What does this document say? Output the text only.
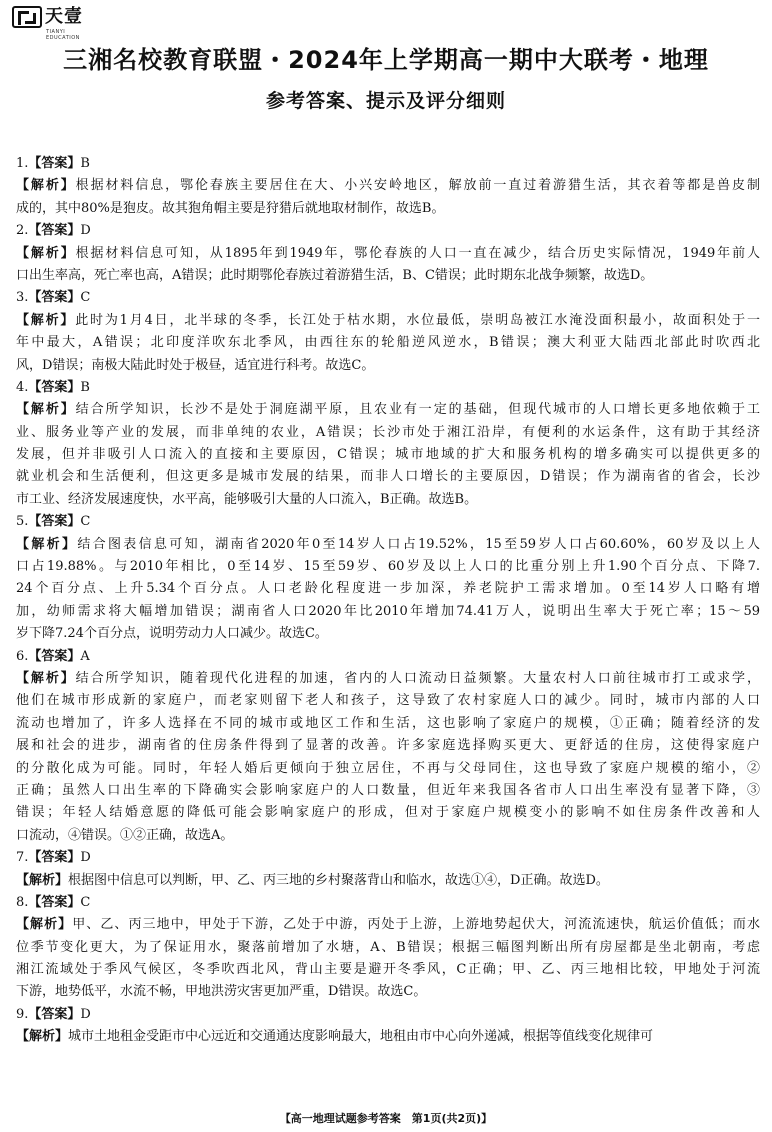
天壹
TIANYI EDUCATION
三湘名校教育联盟・2024年上学期高一期中大联考・地理
参考答案、提示及评分细则
1.【答案】B
【解析】根据材料信息，鄂伦春族主要居住在大、小兴安岭地区，解放前一直过着游猎生活，其衣着等都是兽皮制
成的，其中80%是狍皮。故其狍角帽主要是狩猎后就地取材制作，故选B。
2.【答案】D
【解析】根据材料信息可知，从1895年到1949年，鄂伦春族的人口一直在减少，结合历史实际情况，1949年前人
口出生率高，死亡率也高，A错误；此时期鄂伦春族过着游猎生活，B、C错误；此时期东北战争频繁，故选D。
3.【答案】C
【解析】此时为1月4日，北半球的冬季，长江处于枯水期，水位最低，崇明岛被江水淹没面积最小，故面积处于一
年中最大，A错误；北印度洋吹东北季风，由西往东的轮船逆风逆水，B错误；澳大利亚大陆西北部此时吹西北
风，D错误；南极大陆此时处于极昼，适宜进行科考。故选C。
4.【答案】B
【解析】结合所学知识，长沙不是处于洞庭湖平原，且农业有一定的基础，但现代城市的人口增长更多地依赖于工
业、服务业等产业的发展，而非单纯的农业，A错误；长沙市处于湘江沿岸，有便利的水运条件，这有助于其经济
发展，但并非吸引人口流入的直接和主要原因，C错误；城市地域的扩大和服务机构的增多确实可以提供更多的
就业机会和生活便利，但这更多是城市发展的结果，而非人口增长的主要原因，D错误；作为湖南省的省会，长沙
市工业、经济发展速度快，水平高，能够吸引大量的人口流入，B正确。故选B。
5.【答案】C
【解析】结合图表信息可知，湖南省2020年0至14岁人口占19.52%，15至59岁人口占60.60%，60岁及以上人
口占19.88%。与2010年相比，0至14岁、15至59岁、60岁及以上人口的比重分别上升1.90个百分点、下降7.
24个百分点、上升5.34个百分点。人口老龄化程度进一步加深，养老院护工需求增加。0至14岁人口略有增
加，幼师需求将大幅增加错误；湖南省人口2020年比2010年增加74.41万人，说明出生率大于死亡率；15～59
岁下降7.24个百分点，说明劳动力人口减少。故选C。
6.【答案】A
【解析】结合所学知识，随着现代化进程的加速，省内的人口流动日益频繁。大量农村人口前往城市打工或求学，
他们在城市形成新的家庭户，而老家则留下老人和孩子，这导致了农村家庭人口的减少。同时，城市内部的人口
流动也增加了，许多人选择在不同的城市或地区工作和生活，这也影响了家庭户的规模，①正确；随着经济的发
展和社会的进步，湖南省的住房条件得到了显著的改善。许多家庭选择购买更大、更舒适的住房，这使得家庭户
的分散化成为可能。同时，年轻人婚后更倾向于独立居住，不再与父母同住，这也导致了家庭户规模的缩小，②
正确；虽然人口出生率的下降确实会影响家庭户的人口数量，但近年来我国各省市人口出生率没有显著下降，③
错误；年轻人结婚意愿的降低可能会影响家庭户的形成，但对于家庭户规模变小的影响不如住房条件改善和人
口流动，④错误。①②正确，故选A。
7.【答案】D
【解析】根据图中信息可以判断，甲、乙、丙三地的乡村聚落背山和临水，故选①④，D正确。故选D。
8.【答案】C
【解析】甲、乙、丙三地中，甲处于下游，乙处于中游，丙处于上游，上游地势起伏大，河流流速快，航运价值低；而水
位季节变化更大，为了保证用水，聚落前增加了水塘，A、B错误；根据三幅图判断出所有房屋都是坐北朝南，考虑
湘江流域处于季风气候区，冬季吹西北风，背山主要是避开冬季风，C正确；甲、乙、丙三地相比较，甲地处于河流
下游，地势低平，水流不畅，甲地洪涝灾害更加严重，D错误。故选C。
9.【答案】D
【解析】城市土地租金受距市中心远近和交通通达度影响最大，地租由市中心向外递减，根据等值线变化规律可
【高一地理试题参考答案　第1页(共2页)】
